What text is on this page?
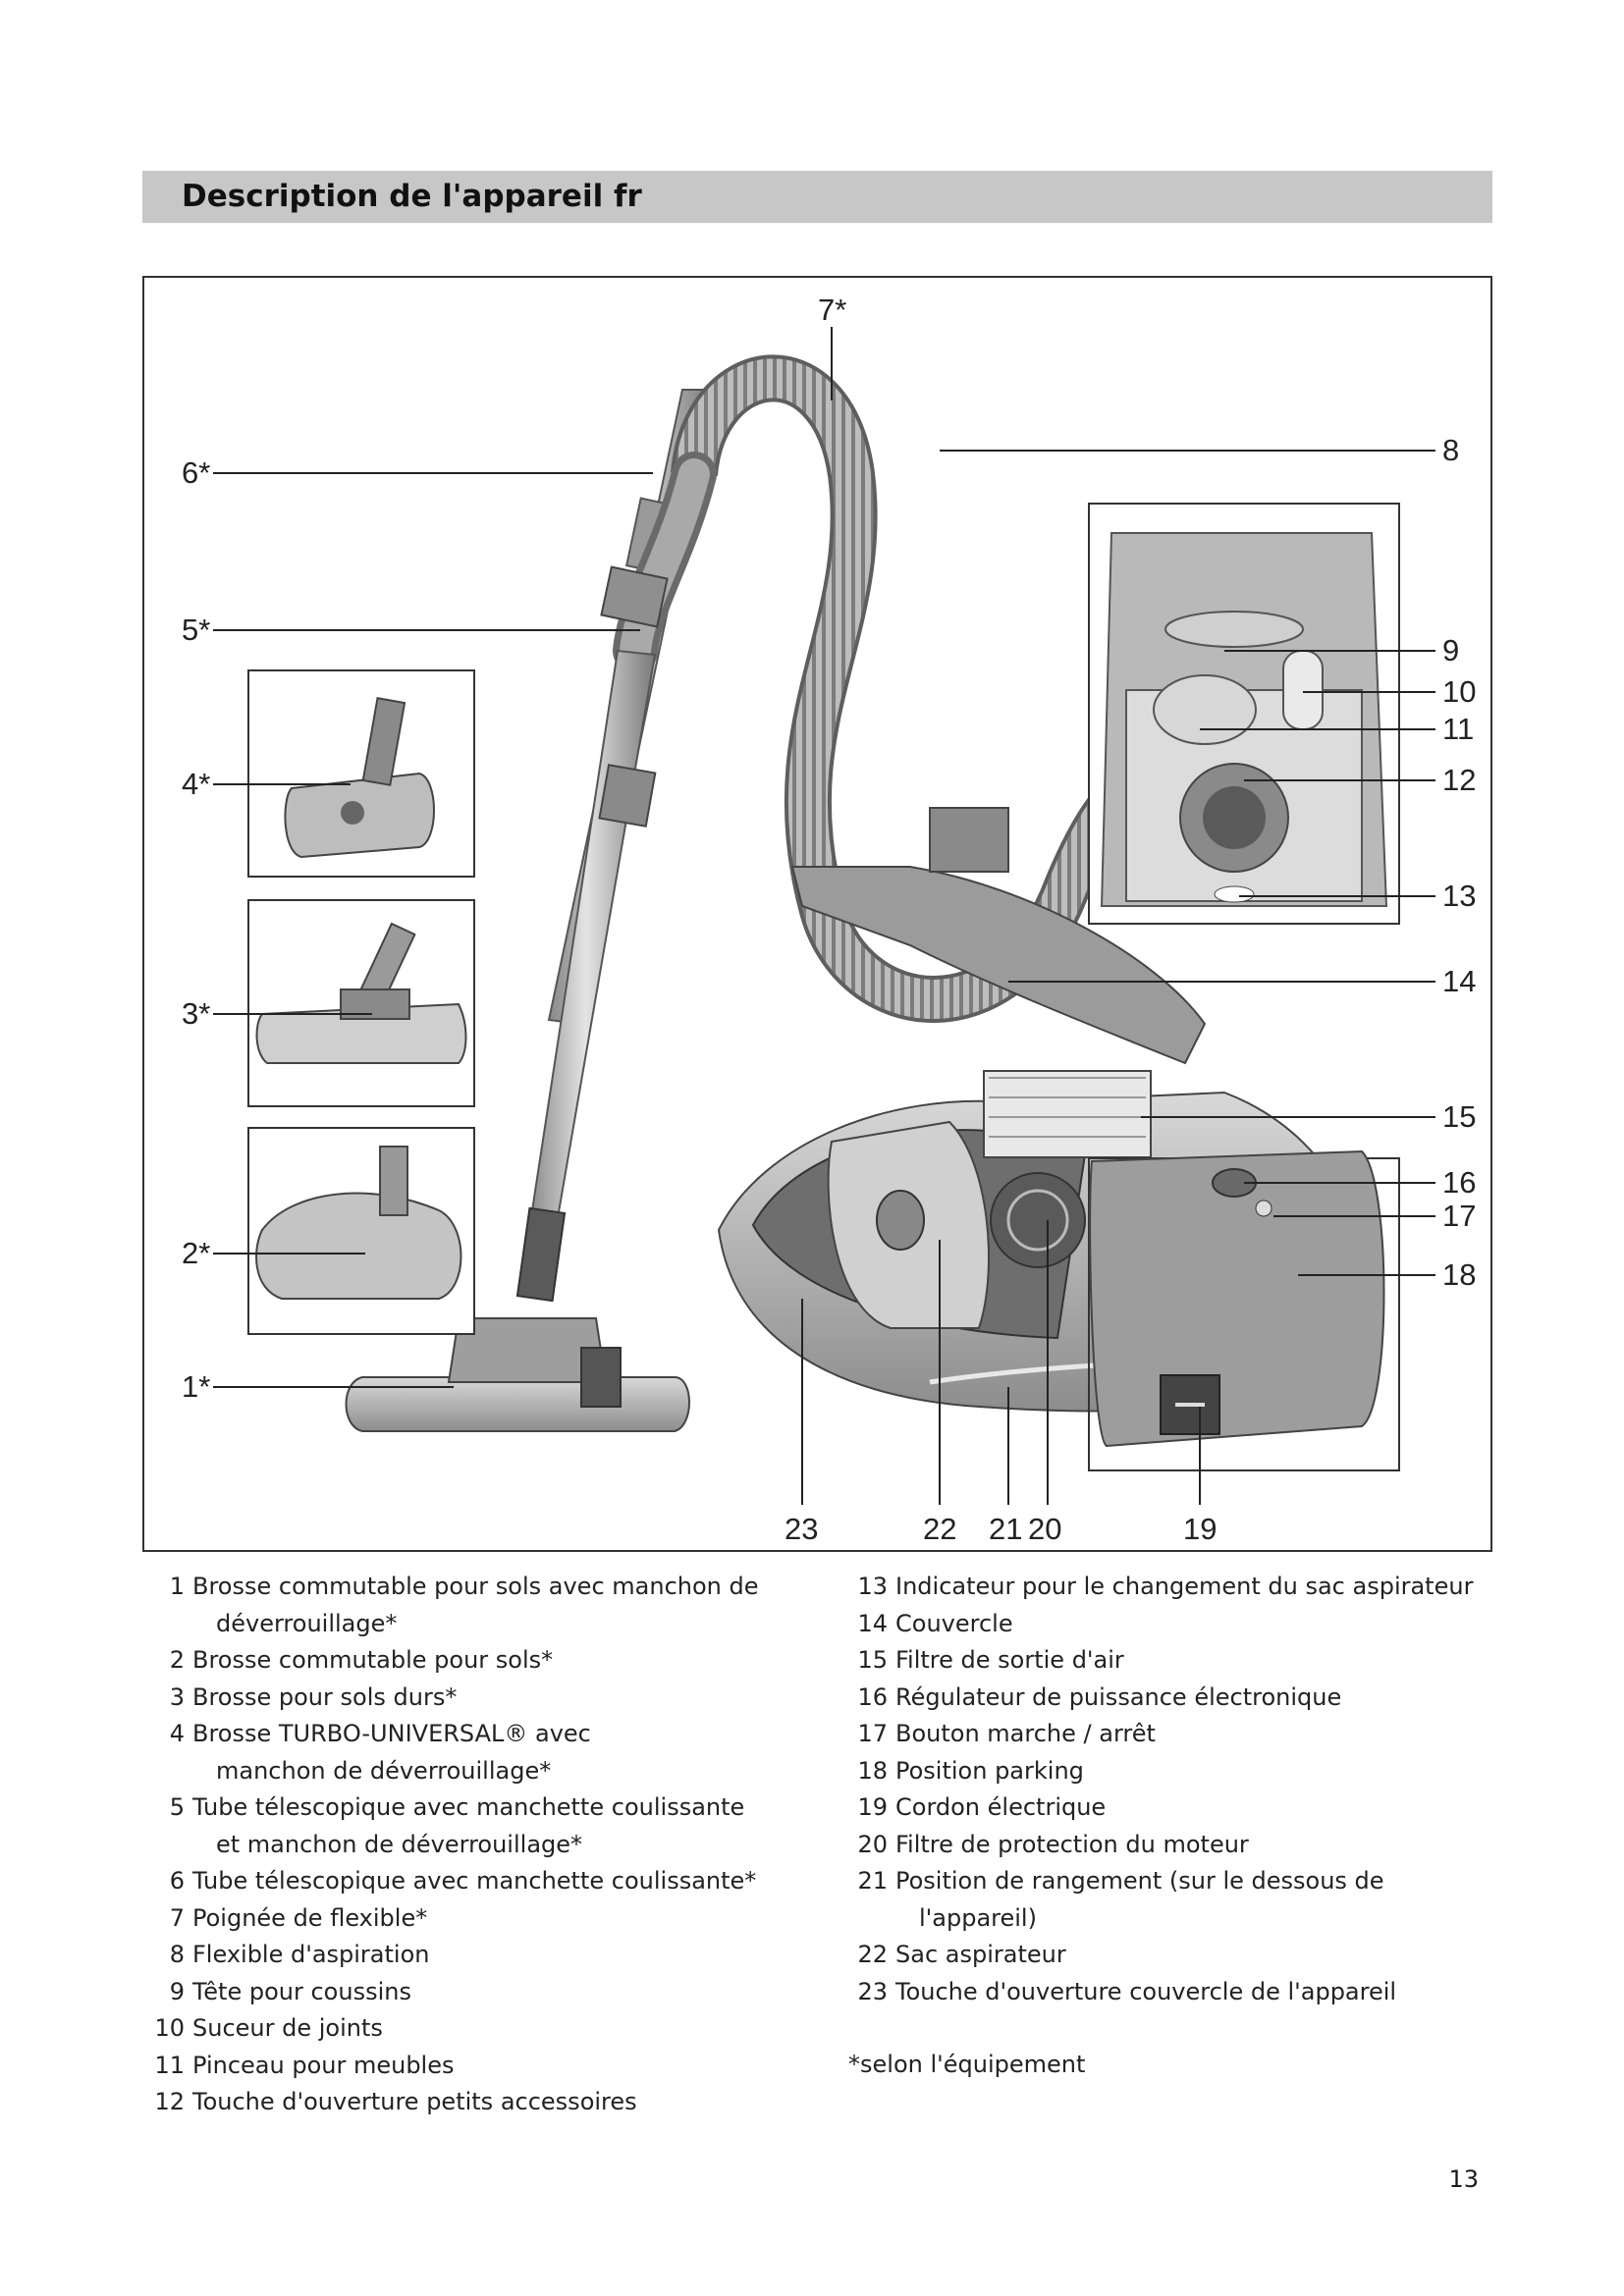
Description de l'appareil fr
6*
5*
4*
3*
2*
1*
7*
8
9
10
11
12
13
14
15
16
17
18
19
20
21
22
23
1 Brosse commutable pour sols avec manchon de
déverrouillage*
2 Brosse commutable pour sols*
3 Brosse pour sols durs*
4 Brosse TURBO-UNIVERSAL® avec
manchon de déverrouillage*
5 Tube télescopique avec manchette coulissante
et manchon de déverrouillage*
6 Tube télescopique avec manchette coulissante*
7 Poignée de flexible*
8 Flexible d'aspiration
9 Tête pour coussins
10 Suceur de joints
11 Pinceau pour meubles
12 Touche d'ouverture petits accessoires
13 Indicateur pour le changement du sac aspirateur
14 Couvercle
15 Filtre de sortie d'air
16 Régulateur de puissance électronique
17 Bouton marche / arrêt
18 Position parking
19 Cordon électrique
20 Filtre de protection du moteur
21 Position de rangement (sur le dessous de
l'appareil)
22 Sac aspirateur
23 Touche d'ouverture couvercle de l'appareil
*selon l'équipement
13
